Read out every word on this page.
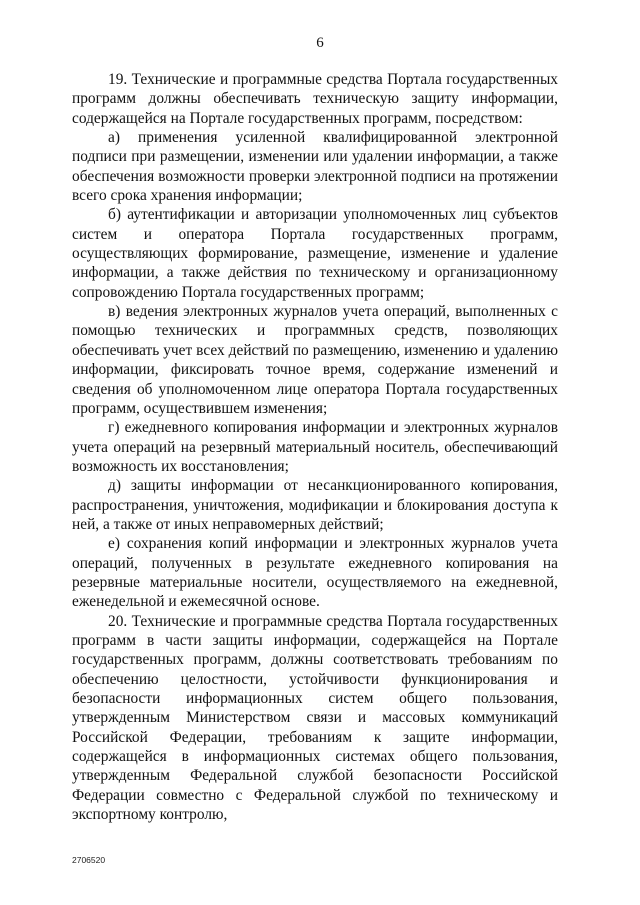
6

19. Технические и программные средства Портала государственных программ должны обеспечивать техническую защиту информации, содержащейся на Портале государственных программ, посредством:

а) применения усиленной квалифицированной электронной подписи при размещении, изменении или удалении информации, а также обеспечения возможности проверки электронной подписи на протяжении всего срока хранения информации;

б) аутентификации и авторизации уполномоченных лиц субъектов систем и оператора Портала государственных программ, осуществляющих формирование, размещение, изменение и удаление информации, а также действия по техническому и организационному сопровождению Портала государственных программ;

в) ведения электронных журналов учета операций, выполненных с помощью технических и программных средств, позволяющих обеспечивать учет всех действий по размещению, изменению и удалению информации, фиксировать точное время, содержание изменений и сведения об уполномоченном лице оператора Портала государственных программ, осуществившем изменения;

г) ежедневного копирования информации и электронных журналов учета операций на резервный материальный носитель, обеспечивающий возможность их восстановления;

д) защиты информации от несанкционированного копирования, распространения, уничтожения, модификации и блокирования доступа к ней, а также от иных неправомерных действий;

е) сохранения копий информации и электронных журналов учета операций, полученных в результате ежедневного копирования на резервные материальные носители, осуществляемого на ежедневной, еженедельной и ежемесячной основе.

20. Технические и программные средства Портала государственных программ в части защиты информации, содержащейся на Портале государственных программ, должны соответствовать требованиям по обеспечению целостности, устойчивости функционирования и безопасности информационных систем общего пользования, утвержденным Министерством связи и массовых коммуникаций Российской Федерации, требованиям к защите информации, содержащейся в информационных системах общего пользования, утвержденным Федеральной службой безопасности Российской Федерации совместно с Федеральной службой по техническому и экспортному контролю,

2706520
